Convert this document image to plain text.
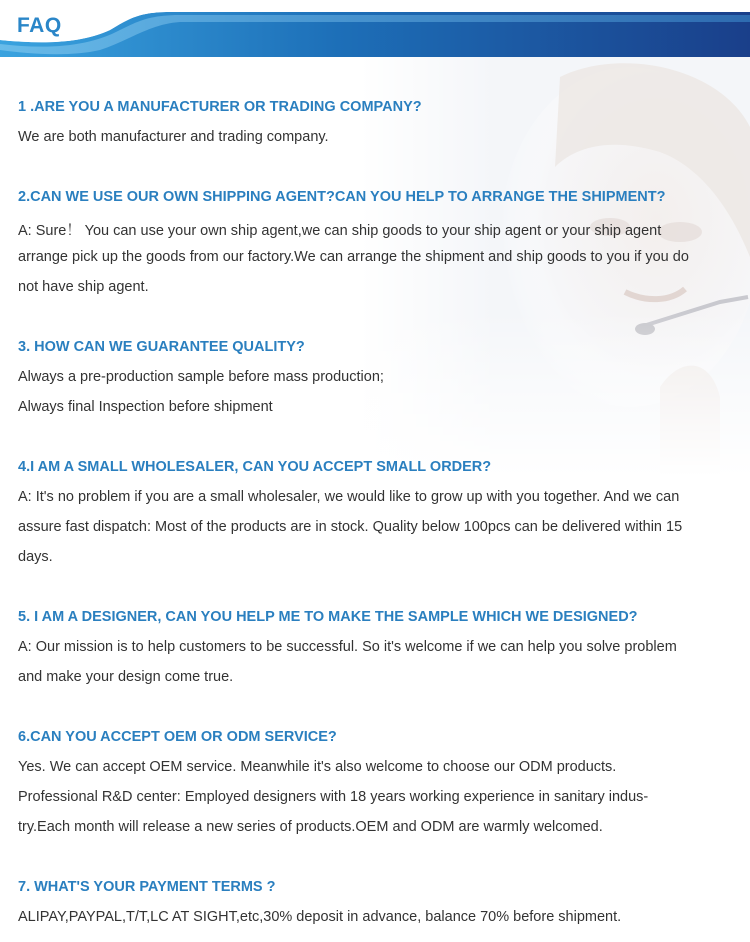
FAQ
1 .ARE YOU A MANUFACTURER OR TRADING COMPANY?
We are both manufacturer and trading company.
2.CAN WE USE OUR OWN SHIPPING AGENT?CAN YOU HELP TO ARRANGE THE SHIPMENT?
A: Sure！ You can use your own ship agent,we can ship goods to your ship agent or your ship agent
arrange pick up the goods from our factory.We can arrange the shipment and ship goods to you if you do
not have ship agent.
3. HOW CAN WE GUARANTEE QUALITY?
Always a pre-production sample before mass production;
Always final Inspection before shipment
4.I AM A SMALL WHOLESALER, CAN YOU ACCEPT SMALL ORDER?
A: It's no problem if you are a small wholesaler, we would like to grow up with you together. And we can
assure fast dispatch: Most of the products are in stock. Quality below 100pcs can be delivered within 15
days.
5. I AM A DESIGNER, CAN YOU HELP ME TO MAKE THE SAMPLE WHICH WE DESIGNED?
A: Our mission is to help customers to be successful. So it's welcome if we can help you solve problem
and make your design come true.
6.CAN YOU ACCEPT OEM OR ODM SERVICE?
Yes. We can accept OEM service. Meanwhile it's also welcome to choose our ODM products.
Professional R&D center: Employed designers with 18 years working experience in sanitary indus-
try.Each month will release a new series of products.OEM and ODM are warmly welcomed.
7. WHAT'S YOUR PAYMENT TERMS ?
ALIPAY,PAYPAL,T/T,LC AT SIGHT,etc,30% deposit in advance, balance 70% before shipment.
